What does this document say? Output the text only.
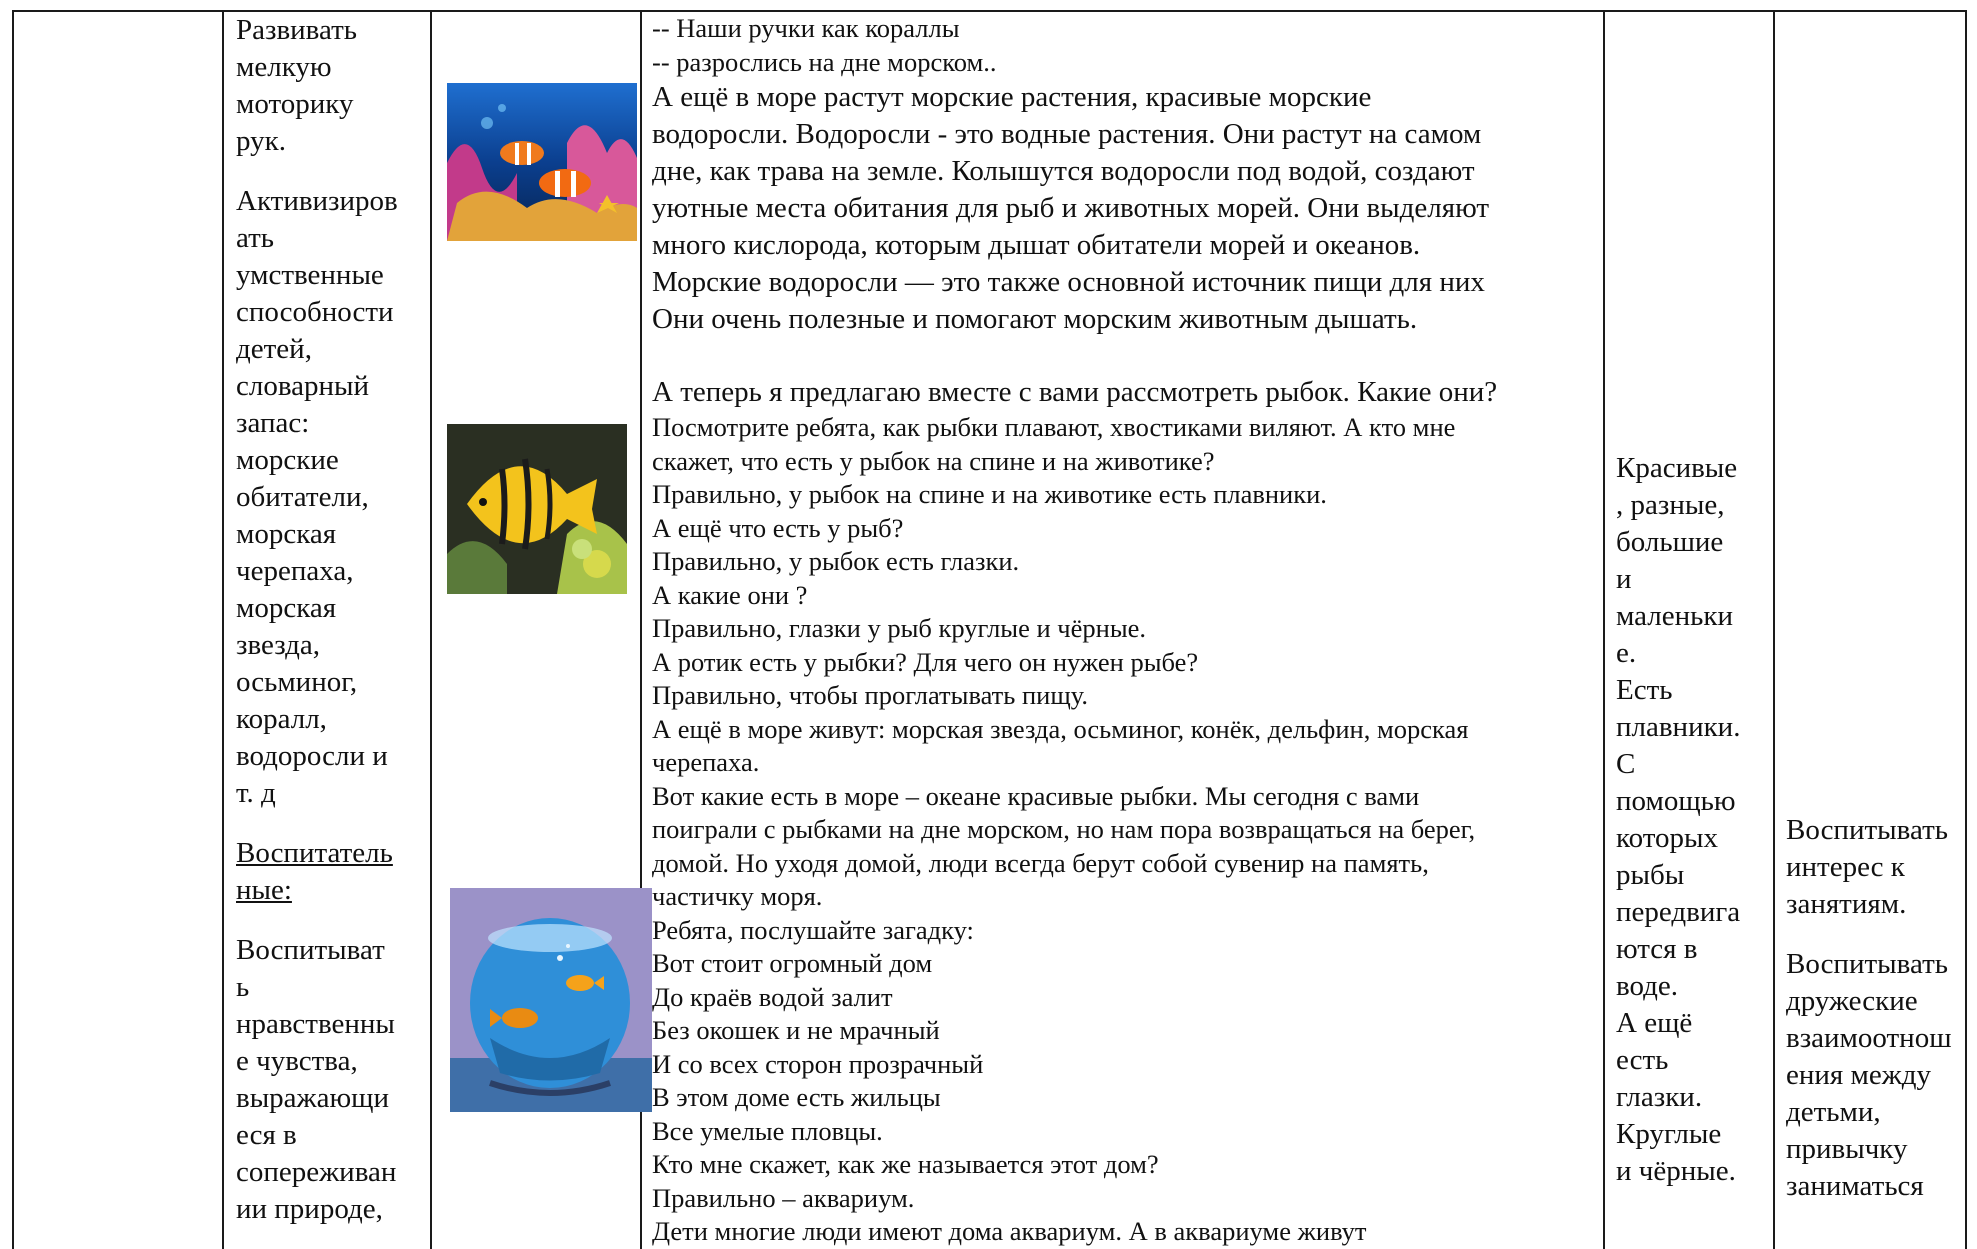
Развивать

мелкую

моторику

рук.

Активизиров

ать

умственные

способности

детей,

словарный

запас:

морские

обитатели,

морская

черепаха,

морская

звезда,

осьминог,

коралл,

водоросли и

т. д

Воспитатель

ные:

Воспитыват

ь

нравственны

е чувства,

выражающи

еся в

сопереживан

ии природе,

-- Наши ручки как кораллы
-- разрослись на дне морском..
А ещё в море растут морские растения, красивые морские
водоросли. Водоросли - это водные растения. Они растут на самом
дне, как трава на земле. Колышутся водоросли под водой, создают
уютные места обитания для рыб и животных морей. Они выделяют
много кислорода, которым дышат обитатели морей и океанов.
Морские водоросли — это также основной источник пищи для них
Они очень полезные и помогают морским животным дышать.
А теперь я предлагаю вместе с вами рассмотреть рыбок. Какие они?
Посмотрите ребята, как рыбки плавают, хвостиками виляют. А кто мне
скажет, что есть у рыбок на спине и на животике?
Правильно, у рыбок на спине и на животике есть плавники.
А ещё что есть у рыб?
Правильно, у рыбок есть глазки.
А какие они ?
Правильно, глазки у рыб круглые и чёрные.
А ротик есть у рыбки? Для чего он нужен рыбе?
Правильно, чтобы проглатывать пищу.
А ещё в море живут: морская звезда, осьминог, конёк, дельфин, морская
черепаха.
Вот какие есть в море – океане красивые рыбки. Мы сегодня с вами
поиграли с рыбками на дне морском, но нам пора возвращаться на берег,
домой. Но уходя домой, люди всегда берут собой сувенир на память,
частичку моря.
Ребята, послушайте загадку:
Вот стоит огромный дом
До краёв водой залит
Без окошек и не мрачный
И со всех сторон прозрачный
В этом доме есть жильцы
Все умелые пловцы.
Кто мне скажет, как же называется этот дом?
Правильно – аквариум.
Дети многие люди имеют дома аквариум. А в аквариуме живут
Красивые
, разные,
большие
и
маленьки
е.
Есть
плавники.
С
помощью
которых
рыбы
передвига
ются в
воде.
А ещё
есть
глазки.
Круглые
и чёрные.
Воспитывать
интерес к
занятиям.
Воспитывать
дружеские
взаимоотнош
ения между
детьми,
привычку
заниматься
